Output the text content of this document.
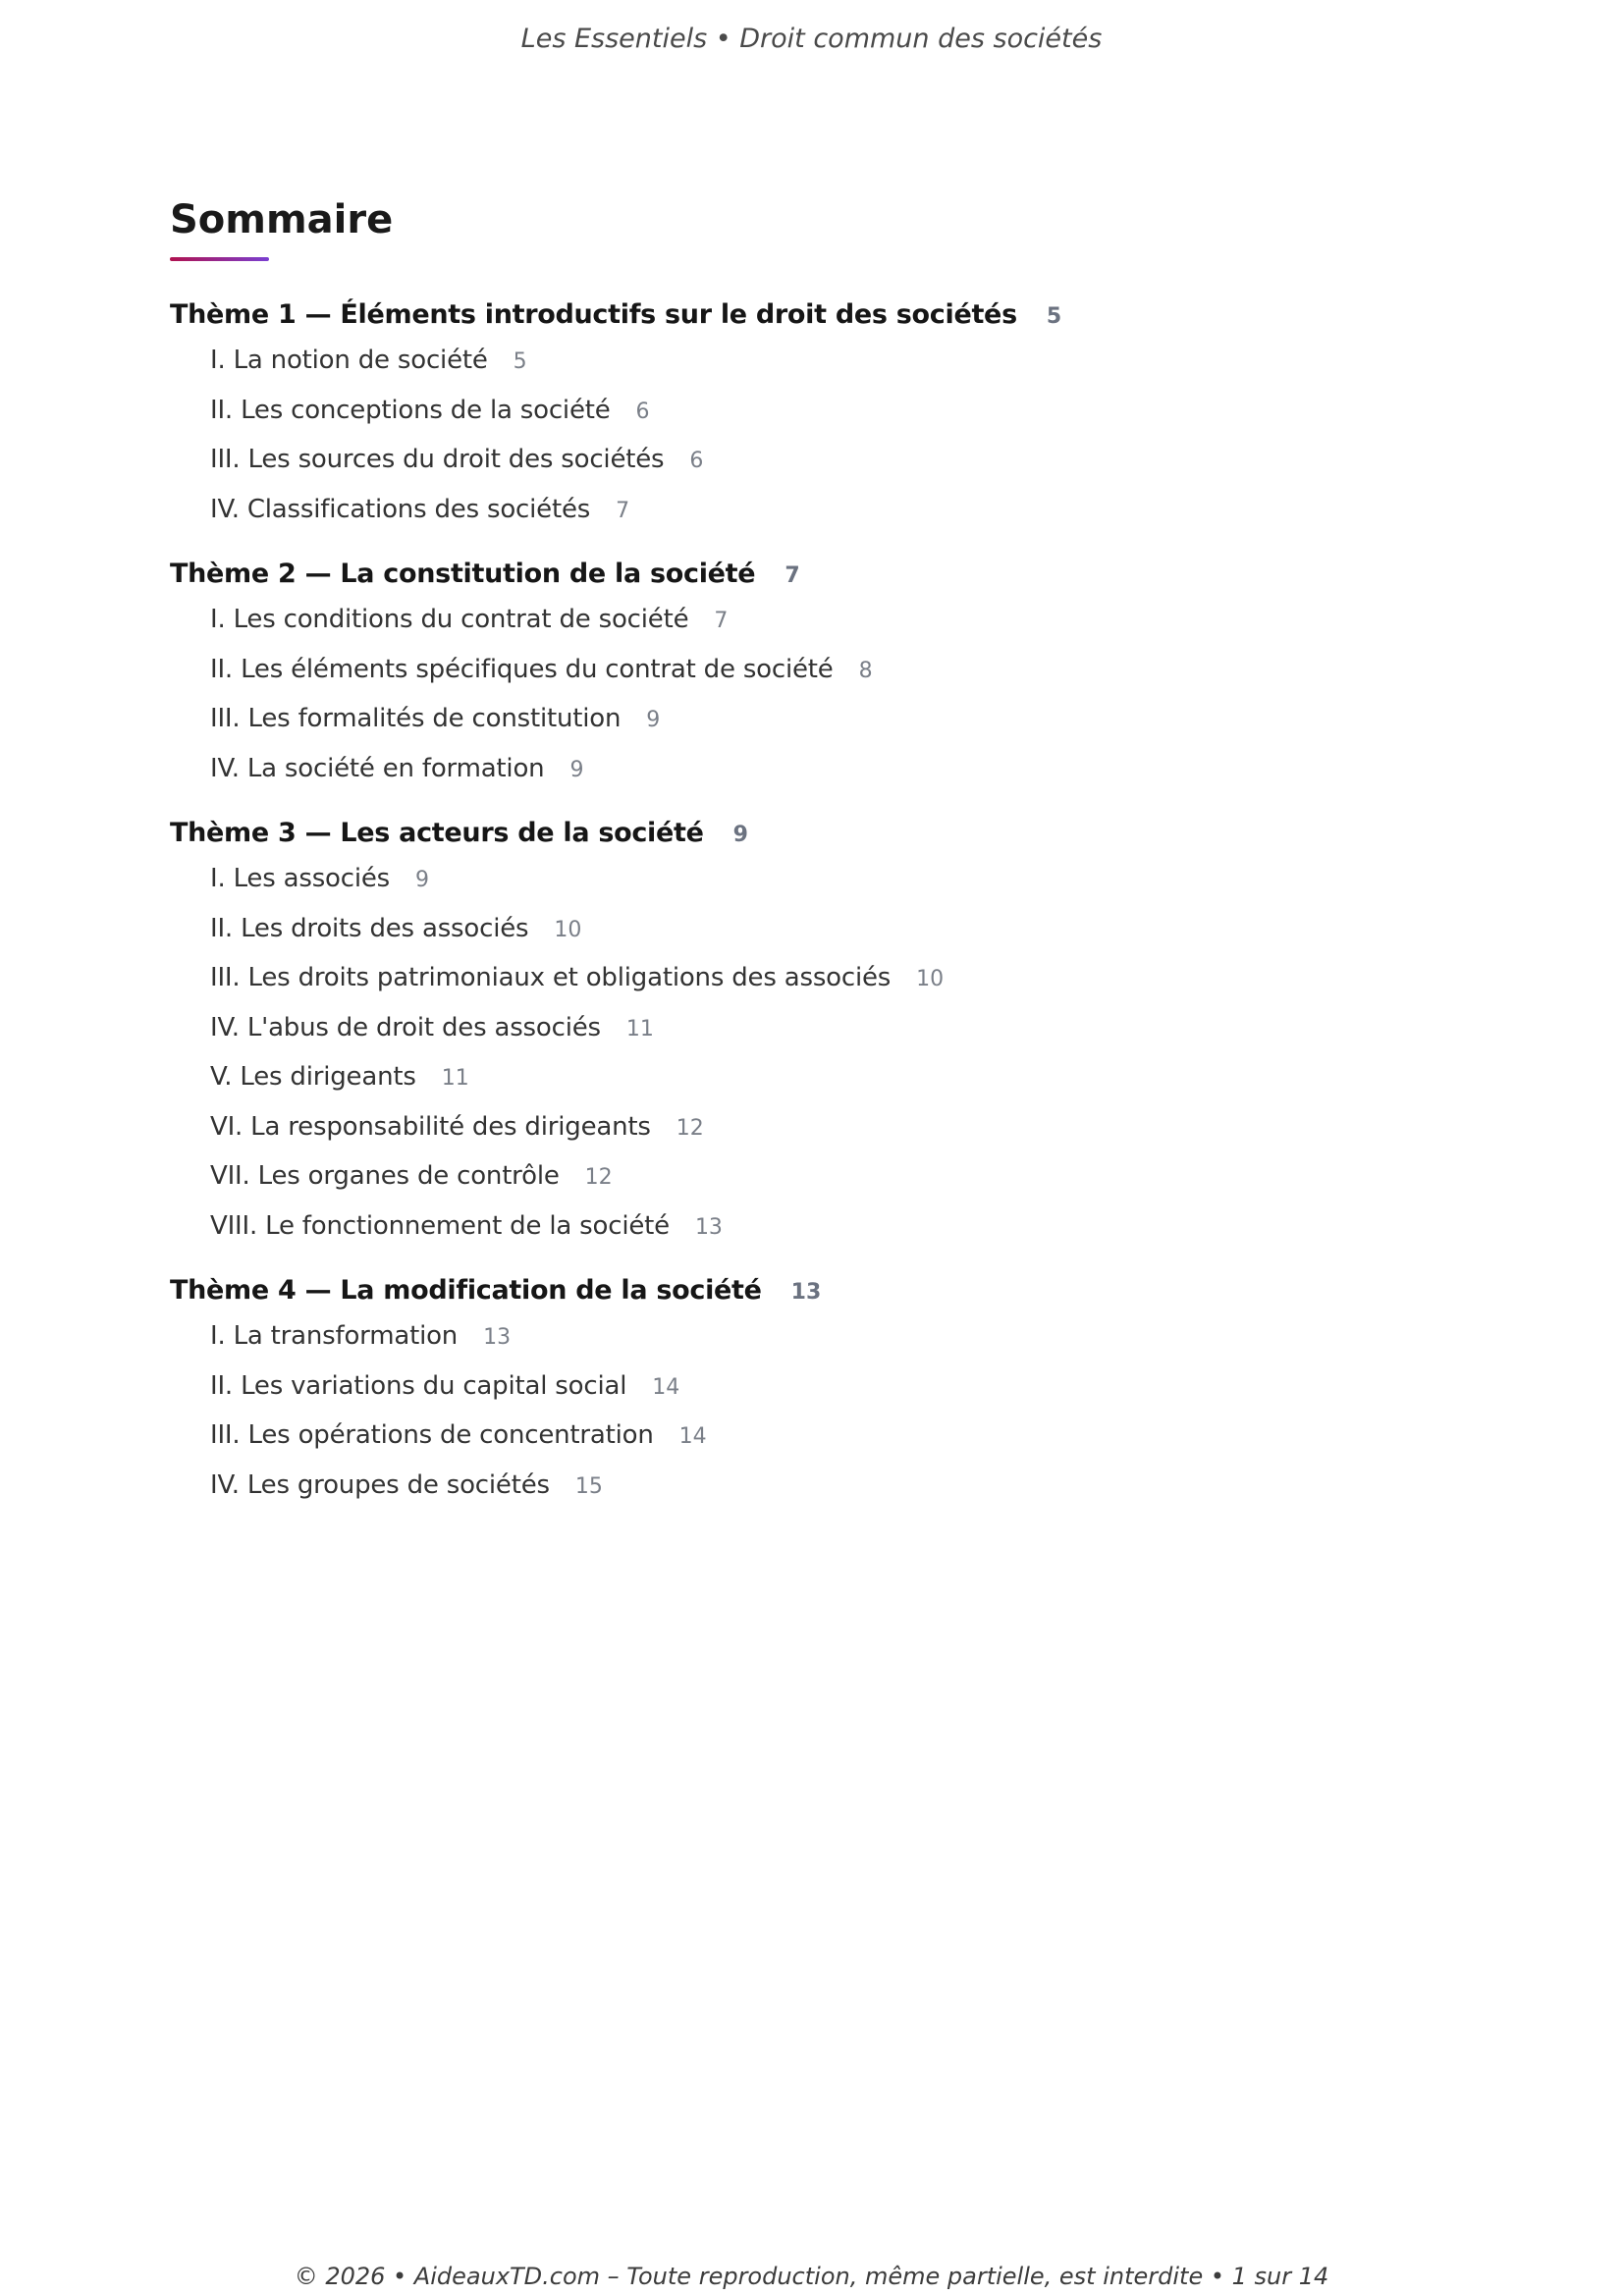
Les Essentiels • Droit commun des sociétés
Sommaire
Thème 1 — Éléments introductifs sur le droit des sociétés 5
I. La notion de société 5
II. Les conceptions de la société 6
III. Les sources du droit des sociétés 6
IV. Classifications des sociétés 7
Thème 2 — La constitution de la société 7
I. Les conditions du contrat de société 7
II. Les éléments spécifiques du contrat de société 8
III. Les formalités de constitution 9
IV. La société en formation 9
Thème 3 — Les acteurs de la société 9
I. Les associés 9
II. Les droits des associés 10
III. Les droits patrimoniaux et obligations des associés 10
IV. L'abus de droit des associés 11
V. Les dirigeants 11
VI. La responsabilité des dirigeants 12
VII. Les organes de contrôle 12
VIII. Le fonctionnement de la société 13
Thème 4 — La modification de la société 13
I. La transformation 13
II. Les variations du capital social 14
III. Les opérations de concentration 14
IV. Les groupes de sociétés 15
© 2026 • AideauxTD.com – Toute reproduction, même partielle, est interdite • 1 sur 14
